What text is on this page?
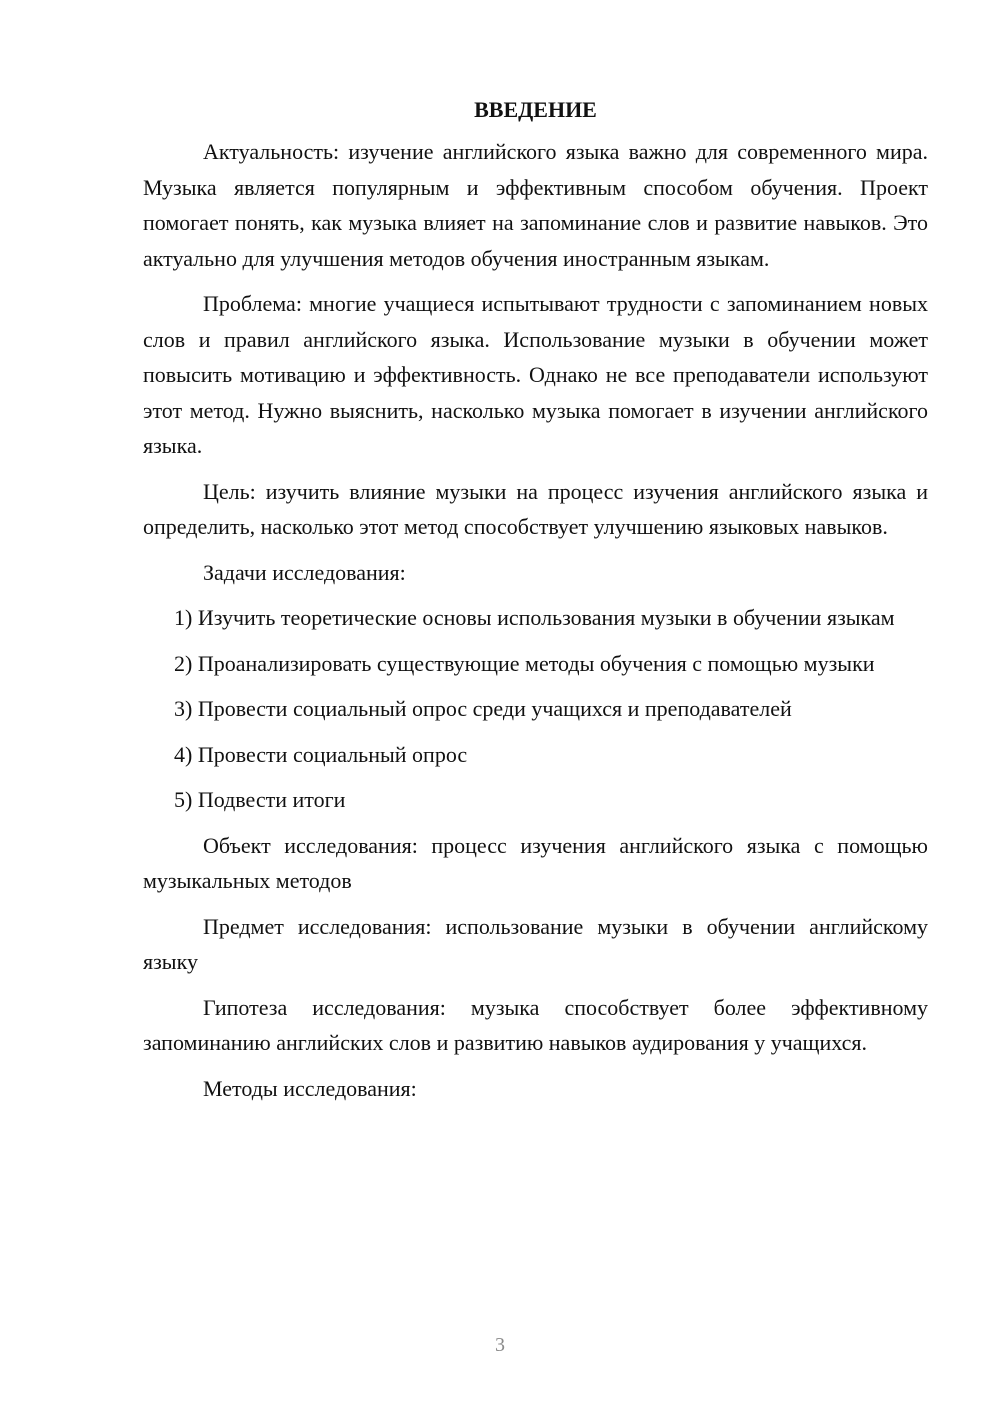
ВВЕДЕНИЕ

Актуальность: изучение английского языка важно для современного мира. Музыка является популярным и эффективным способом обучения. Проект помогает понять, как музыка влияет на запоминание слов и развитие навыков. Это актуально для улучшения методов обучения иностранным языкам.

Проблема: многие учащиеся испытывают трудности с запоминанием новых слов и правил английского языка. Использование музыки в обучении может повысить мотивацию и эффективность. Однако не все преподаватели используют этот метод. Нужно выяснить, насколько музыка помогает в изучении английского языка.

Цель: изучить влияние музыки на процесс изучения английского языка и определить, насколько этот метод способствует улучшению языковых навыков.

Задачи исследования:

1) Изучить теоретические основы использования музыки в обучении языкам

2) Проанализировать существующие методы обучения с помощью музыки

3) Провести социальный опрос среди учащихся и преподавателей

4) Провести социальный опрос

5) Подвести итоги

Объект исследования: процесс изучения английского языка с помощью музыкальных методов

Предмет исследования: использование музыки в обучении английскому языку

Гипотеза исследования: музыка способствует более эффективному запоминанию английских слов и развитию навыков аудирования у учащихся.

Методы исследования:

3
